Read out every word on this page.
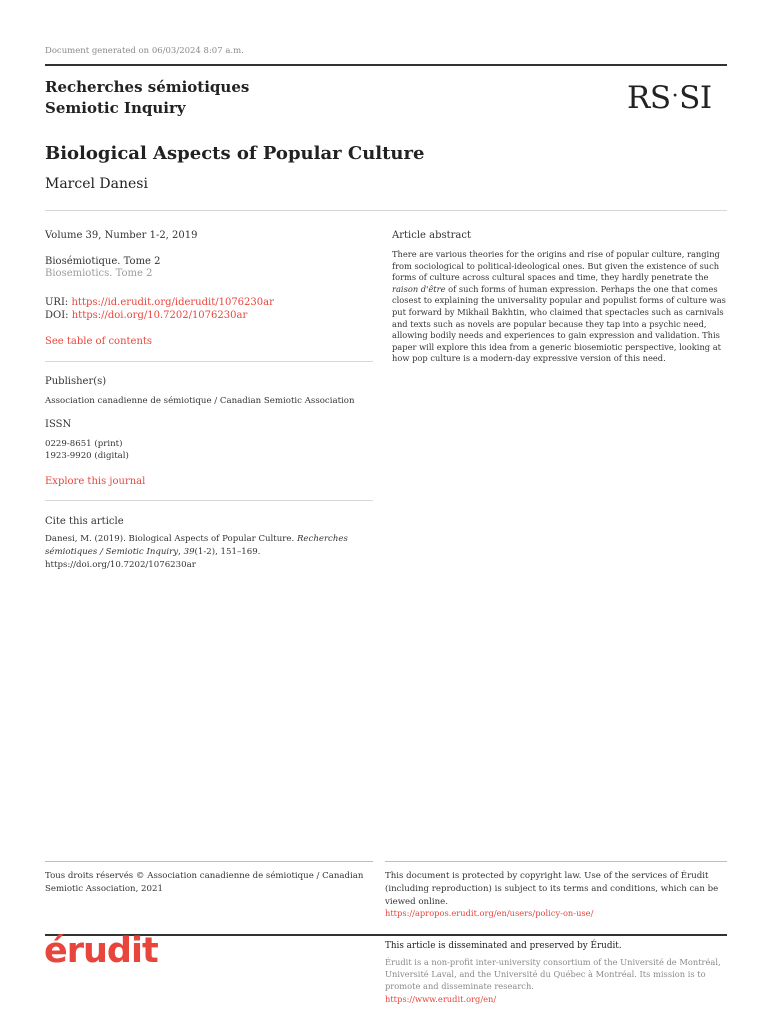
Document generated on 06/03/2024 8:07 a.m.
Recherches sémiotiques
Semiotic Inquiry	RS·SI
Biological Aspects of Popular Culture
Marcel Danesi
Volume 39, Number 1-2, 2019
Biosémiotique. Tome 2
Biosemiotics. Tome 2
URI: https://id.erudit.org/iderudit/1076230ar
DOI: https://doi.org/10.7202/1076230ar
See table of contents
Publisher(s)
Association canadienne de sémiotique / Canadian Semiotic Association
ISSN
0229-8651 (print)
1923-9920 (digital)
Explore this journal
Cite this article
Danesi, M. (2019). Biological Aspects of Popular Culture. Recherches sémiotiques / Semiotic Inquiry, 39(1-2), 151–169. https://doi.org/10.7202/1076230ar
Article abstract
There are various theories for the origins and rise of popular culture, ranging from sociological to political-ideological ones. But given the existence of such forms of culture across cultural spaces and time, they hardly penetrate the raison d'être of such forms of human expression. Perhaps the one that comes closest to explaining the universality popular and populist forms of culture was put forward by Mikhail Bakhtin, who claimed that spectacles such as carnivals and texts such as novels are popular because they tap into a psychic need, allowing bodily needs and experiences to gain expression and validation. This paper will explore this idea from a generic biosemiotic perspective, looking at how pop culture is a modern-day expressive version of this need.
Tous droits réservés © Association canadienne de sémiotique / Canadian Semiotic Association, 2021
This document is protected by copyright law. Use of the services of Érudit (including reproduction) is subject to its terms and conditions, which can be viewed online.
https://apropos.erudit.org/en/users/policy-on-use/
érudit	This article is disseminated and preserved by Érudit.
Érudit is a non-profit inter-university consortium of the Université de Montréal, Université Laval, and the Université du Québec à Montréal. Its mission is to promote and disseminate research.
https://www.erudit.org/en/
